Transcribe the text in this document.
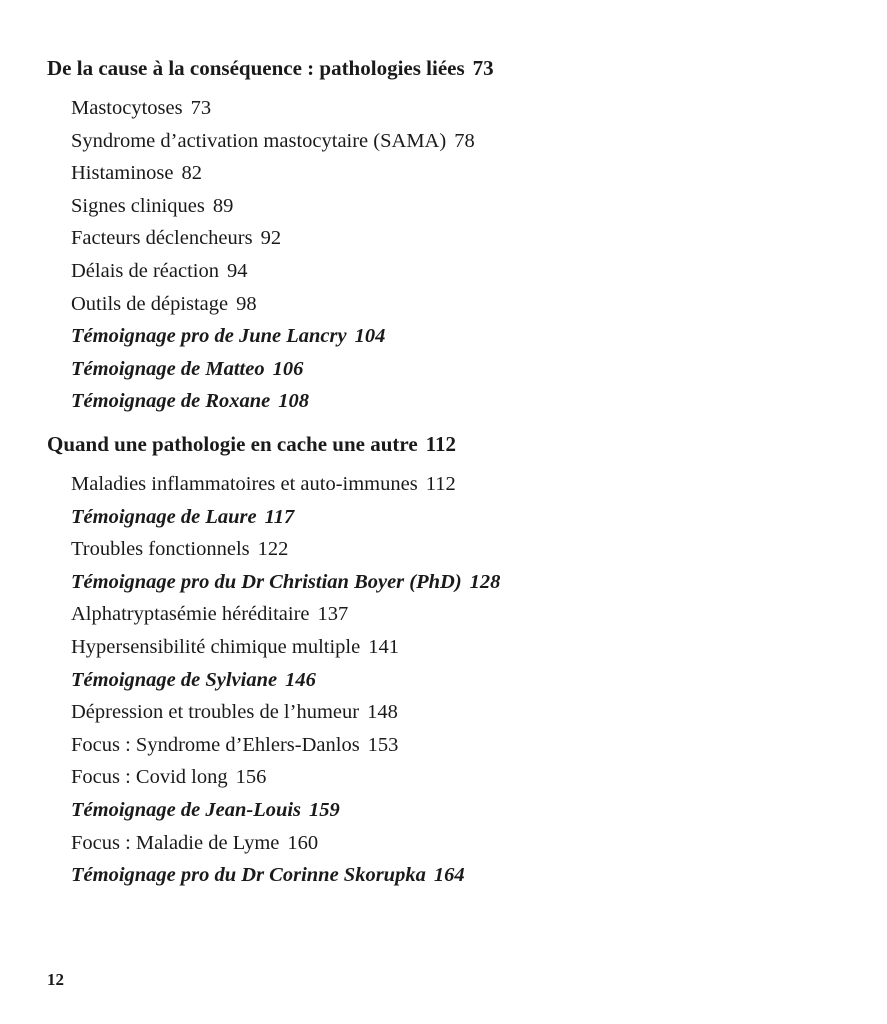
De la cause à la conséquence : pathologies liées 73
Mastocytoses 73
Syndrome d’activation mastocytaire (SAMA) 78
Histaminose 82
Signes cliniques 89
Facteurs déclencheurs 92
Délais de réaction 94
Outils de dépistage 98
Témoignage pro de June Lancry 104
Témoignage de Matteo 106
Témoignage de Roxane 108
Quand une pathologie en cache une autre 112
Maladies inflammatoires et auto-immunes 112
Témoignage de Laure 117
Troubles fonctionnels 122
Témoignage pro du Dr Christian Boyer (PhD) 128
Alphatryptasémie héréditaire 137
Hypersensibilité chimique multiple 141
Témoignage de Sylviane 146
Dépression et troubles de l’humeur 148
Focus : Syndrome d’Ehlers-Danlos 153
Focus : Covid long 156
Témoignage de Jean-Louis 159
Focus : Maladie de Lyme 160
Témoignage pro du Dr Corinne Skorupka 164
12
